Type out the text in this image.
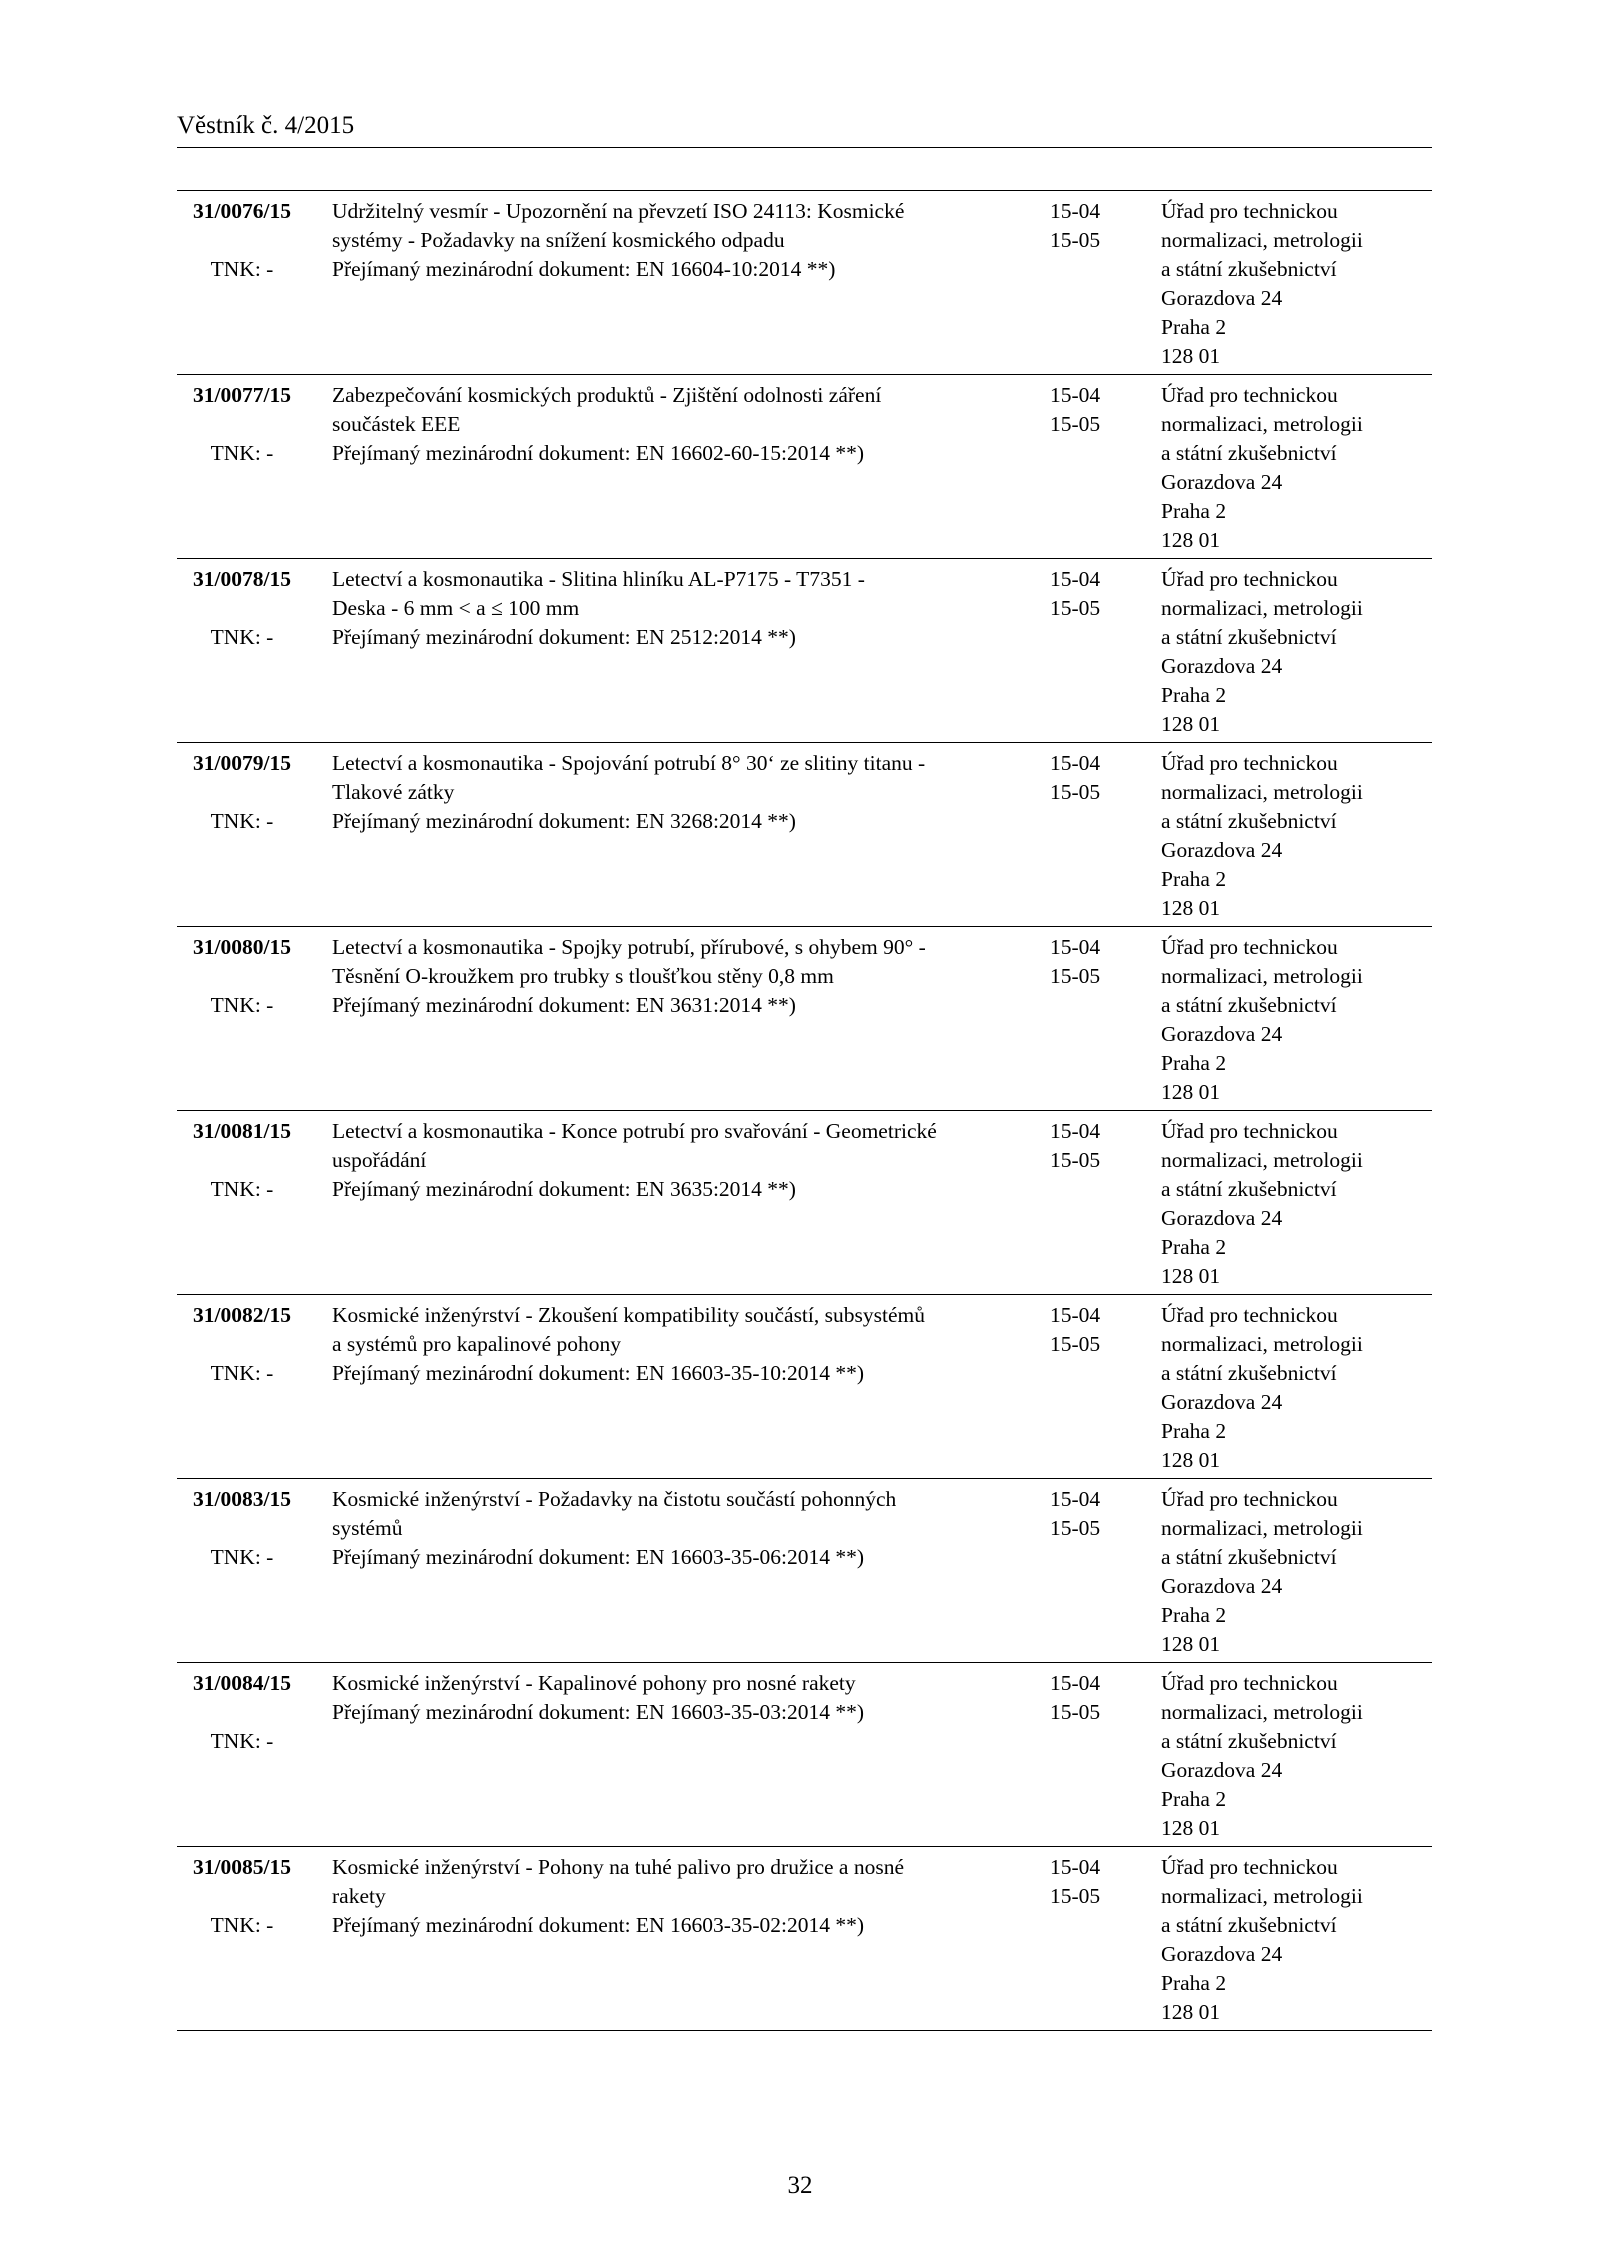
Věstník č. 4/2015
31/0076/15
TNK: -
Udržitelný vesmír - Upozornění na převzetí ISO 24113: Kosmické
systémy - Požadavky na snížení kosmického odpadu
Přejímaný mezinárodní dokument: EN 16604-10:2014 **)
15-04
15-05
Úřad pro technickou
normalizaci, metrologii
a státní zkušebnictví
Gorazdova 24
Praha 2
128 01
31/0077/15
TNK: -
Zabezpečování kosmických produktů - Zjištění odolnosti záření
součástek EEE
Přejímaný mezinárodní dokument: EN 16602-60-15:2014 **)
15-04
15-05
Úřad pro technickou
normalizaci, metrologii
a státní zkušebnictví
Gorazdova 24
Praha 2
128 01
31/0078/15
TNK: -
Letectví a kosmonautika - Slitina hliníku AL-P7175 - T7351 -
Deska - 6 mm < a ≤ 100 mm
Přejímaný mezinárodní dokument: EN 2512:2014 **)
15-04
15-05
Úřad pro technickou
normalizaci, metrologii
a státní zkušebnictví
Gorazdova 24
Praha 2
128 01
31/0079/15
TNK: -
Letectví a kosmonautika - Spojování potrubí 8° 30‘ ze slitiny titanu -
Tlakové zátky
Přejímaný mezinárodní dokument: EN 3268:2014 **)
15-04
15-05
Úřad pro technickou
normalizaci, metrologii
a státní zkušebnictví
Gorazdova 24
Praha 2
128 01
31/0080/15
TNK: -
Letectví a kosmonautika - Spojky potrubí, přírubové, s ohybem 90° -
Těsnění O-kroužkem pro trubky s tloušťkou stěny 0,8 mm
Přejímaný mezinárodní dokument: EN 3631:2014 **)
15-04
15-05
Úřad pro technickou
normalizaci, metrologii
a státní zkušebnictví
Gorazdova 24
Praha 2
128 01
31/0081/15
TNK: -
Letectví a kosmonautika - Konce potrubí pro svařování - Geometrické
uspořádání
Přejímaný mezinárodní dokument: EN 3635:2014 **)
15-04
15-05
Úřad pro technickou
normalizaci, metrologii
a státní zkušebnictví
Gorazdova 24
Praha 2
128 01
31/0082/15
TNK: -
Kosmické inženýrství - Zkoušení kompatibility součástí, subsystémů
a systémů pro kapalinové pohony
Přejímaný mezinárodní dokument: EN 16603-35-10:2014 **)
15-04
15-05
Úřad pro technickou
normalizaci, metrologii
a státní zkušebnictví
Gorazdova 24
Praha 2
128 01
31/0083/15
TNK: -
Kosmické inženýrství - Požadavky na čistotu součástí pohonných
systémů
Přejímaný mezinárodní dokument: EN 16603-35-06:2014 **)
15-04
15-05
Úřad pro technickou
normalizaci, metrologii
a státní zkušebnictví
Gorazdova 24
Praha 2
128 01
31/0084/15
TNK: -
Kosmické inženýrství - Kapalinové pohony pro nosné rakety
Přejímaný mezinárodní dokument: EN 16603-35-03:2014 **)
15-04
15-05
Úřad pro technickou
normalizaci, metrologii
a státní zkušebnictví
Gorazdova 24
Praha 2
128 01
31/0085/15
TNK: -
Kosmické inženýrství - Pohony na tuhé palivo pro družice a nosné
rakety
Přejímaný mezinárodní dokument: EN 16603-35-02:2014 **)
15-04
15-05
Úřad pro technickou
normalizaci, metrologii
a státní zkušebnictví
Gorazdova 24
Praha 2
128 01
32
